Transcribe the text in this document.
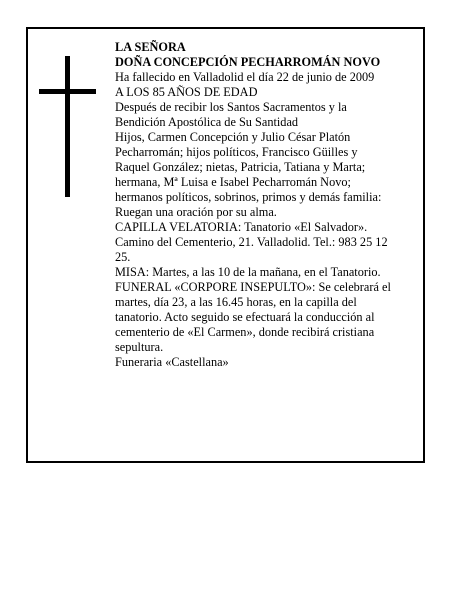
LA SEÑORA
DOÑA CONCEPCIÓN PECHARROMÁN NOVO
Ha fallecido en Valladolid el día 22 de junio de 2009
A LOS 85 AÑOS DE EDAD
Después de recibir los Santos Sacramentos y la
Bendición Apostólica de Su Santidad
Hijos, Carmen Concepción y Julio César Platón
Pecharromán; hijos políticos, Francisco Güilles y
Raquel González; nietas, Patricia, Tatiana y Marta;
hermana, Mª Luisa e Isabel Pecharromán Novo;
hermanos políticos, sobrinos, primos y demás familia:
Ruegan una oración por su alma.
CAPILLA VELATORIA: Tanatorio «El Salvador».
Camino del Cementerio, 21. Valladolid. Tel.: 983 25 12
25.
MISA: Martes, a las 10 de la mañana, en el Tanatorio.
FUNERAL «CORPORE INSEPULTO»: Se celebrará el
martes, día 23, a las 16.45 horas, en la capilla del
tanatorio. Acto seguido se efectuará la conducción al
cementerio de «El Carmen», donde recibirá cristiana
sepultura.
Funeraria «Castellana»
